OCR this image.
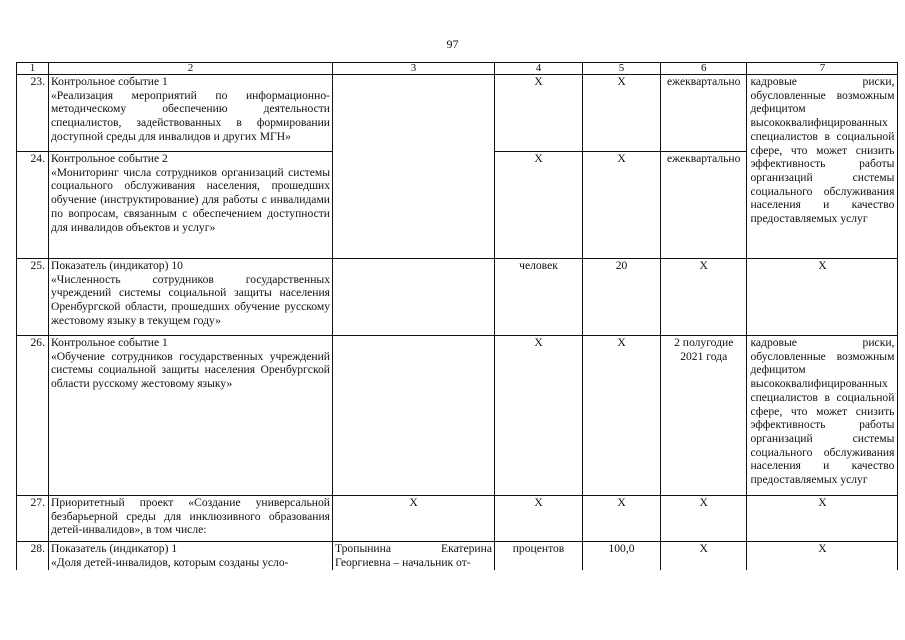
97
1	2	3	4	5	6	7
23.	Контрольное событие 1
«Реализация мероприятий по информационно-методическому обеспечению деятельности специалистов, задействованных в формировании доступной среды для инвалидов и других МГН»		Х	Х	ежеквартально	кадровые риски, обусловленные возможным дефицитом высококвалифицированных специалистов в социальной сфере, что может снизить эффективность работы организаций системы социального обслуживания населения и качество предоставляемых услуг
24.	Контрольное событие 2
«Мониторинг числа сотрудников организаций системы социального обслуживания населения, прошедших обучение (инструктирование) для работы с инвалидами по вопросам, связанным с обеспечением доступности для инвалидов объектов и услуг»		Х	Х	ежеквартально	
25.	Показатель (индикатор) 10
«Численность сотрудников государственных учреждений системы социальной защиты населения Оренбургской области, прошедших обучение русскому жестовому языку в текущем году»		человек	20	Х	Х
26.	Контрольное событие 1
«Обучение сотрудников государственных учреждений системы социальной защиты населения Оренбургской области русскому жестовому языку»		Х	Х	2 полугодие 2021 года	кадровые риски, обусловленные возможным дефицитом высококвалифицированных специалистов в социальной сфере, что может снизить эффективность работы организаций системы социального обслуживания населения и качество предоставляемых услуг
27.	Приоритетный проект «Создание универсальной безбарьерной среды для инклюзивного образования детей-инвалидов», в том числе:	Х	Х	Х	Х	Х
28.	Показатель (индикатор) 1
«Доля детей-инвалидов, которым созданы усло-	Тропынина Екатерина Георгиевна – начальник от-	процентов	100,0	Х	Х
